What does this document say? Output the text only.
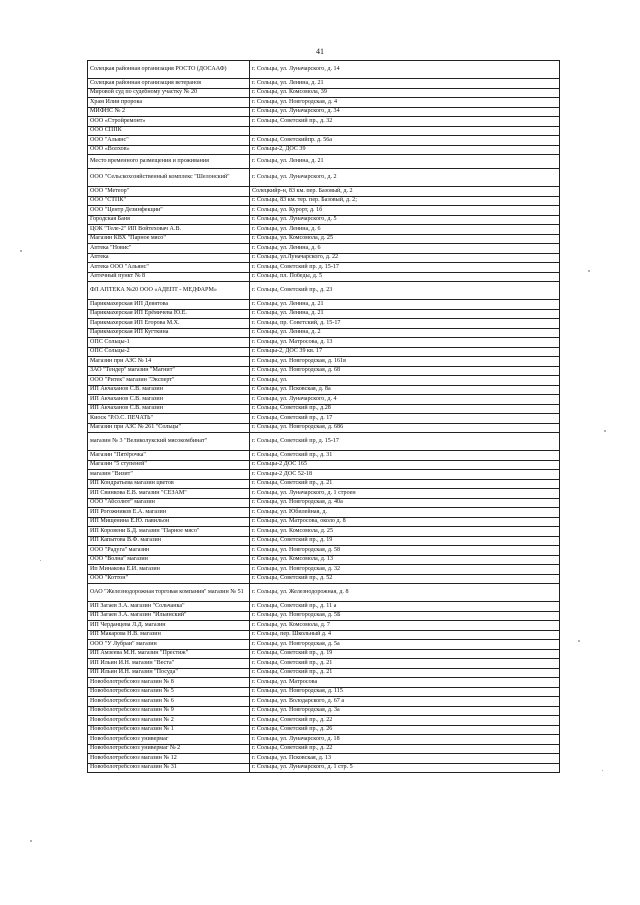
41
Солецкая районная организация РОСТО (ДОСААФ)	г. Сольцы, ул. Луначарского, д. 14
Солецкая районная организация ветеранов	г. Сольцы, ул. Ленина, д. 21
Мировой суд по судебному участку № 20	г. Сольцы, ул. Комсомола, 39
Храм Илии пророка	г. Сольцы, ул. Новгородская, д. 4
МИФНС № 2	г. Сольцы, ул. Луначарского, д. 34
ООО «Стройремонт»	г. Сольцы, Советский пр., д. 32
ООО СППК	
ООО "Альянс"	г. Сольцы, Советскийпр. д. 56а
ООО «Волхов»	г. Сольцы-2, ДОС 39
Место временного размещения и проживания	г. Сольцы, ул. Ленина, д. 21
ООО "Сельскохозяйственный комплекс "Шелонский"	г. Сольцы, ул. Луначарского, д. 2
ООО "Метеор"	Солецкийр-н, 83 км. пер. Базовый, д. 2
ООО "СТПК"	г. Сольцы, 83 км. тер. пер. Базовый, д. 2;
ООО "Центр Дезинфекции"	г. Сольцы, ул. Курорт, д. 1б
Городская Баня	г. Сольцы, ул. Луначарского, д. 5
ЦОК "Теле-2" ИП Войтеховач А.В.	г. Сольцы, ул. Ленина, д. 6
Магазин КВХ "Парное мясо"	г. Сольцы, ул. Комсомола, д. 25
Аптека "Новис"	г. Сольцы, ул. Ленина, д. 6
Аптека	г. Сольцы, ул.Луначарского, д. 22
Аптека ООО "Альянс"	г. Сольцы, Советский пр. д. 15-17
Аптечный пункт № 8	г. Сольцы, пл. Победы, д. 5
ФЛ АПТЕКА №20 ООО «АДЕПТ - МЕДФАРМ»	г. Сольцы, Советский пр., д. 23
Парикмахерская ИП Девятова	г. Сольцы, ул. Ленина, д. 21
Парикмахерская ИП Ерёмичева Ю.Е.	г. Сольцы, ул. Ленина, д. 21
Парикмахерская ИП Егорова М.Х.	г. Сольцы, пр. Советский, д. 15-17
Парикмахерская ИП Кугткина	г. Сольцы, ул. Ленина, д. 2
ОПС Сольцы-1	г. Сольцы, ул. Матросова, д. 13
ОПС Сольцы-2	г. Сольцы-2, ДОС 39 кв. 17
Магазин при АЗС № 14	г. Сольцы, ул. Новгородская, д. 161в
ЗАО "Тендер" магазин "Магнит"	г. Сольцы, ул. Новгородская, д. 68
ООО "Ритек" магазин "Эксперт"	г. Сольцы, ул.
ИП Акчаханов С.В. магазин	г. Сольцы, ул. Псковская, д. 8а
ИП Акчаханов С.В. магазин	г. Сольцы, ул. Луначарского, д. 4
ИП Акчаханов С.В. магазин	г. Сольцы, Советский пр., д.28
Киоск "Р.О.С. ПЕЧАТЬ"	г. Сольцы, Советский пр., д. 17
Магазин при АЗС № 261 "Сольцы"	г. Сольцы, ул. Новгородская, д. 686
магазин № 3 "Великолукский мясокомбинат"	г. Сольцы, Советский пр, д. 15-17
Магазин "Пятёрочка"	г. Сольцы, Советский пр., д. 31
Магазин "5 ступеней"	г. Сольцы-2 ДОС 165
магазин "Визит"	г. Сольцы-2 ДОС 52-18
ИП Кондратьева магазин цветов	г. Сольцы, Советский пр., д. 21
ИП Свинкова Е.В. магазин "СЕЗАМ"	г. Сольцы, ул. Луначарского, д. 1 строен
ООО "Абсолют" магазин	г. Сольцы, ул. Новгородская, д. 40а
ИП Рогожников Е.А. магазин	г. Сольцы, ул. Юбилейная, д.
ИП Мищенина Е.Ю. павильон	г. Сольцы, ул. Матросова, около д. 8
ИП Коровени Б.Д. магазин "Парное мясо"	г. Сольцы, ул. Комсомола, д. 25
ИП Капытова В.Ф. магазин	г. Сольцы, Советский пр., д. 19
ООО "Радуга" магазин	г. Сольцы, ул. Новгородская, д. 58
ООО "Волна" магазин	г. Сольцы, ул. Комсомола, д. 13
Ип Минакова Е.И. магазин	г. Сольцы, ул. Новгородская, д. 32
ООО "Коттон"	г. Сольцы, Советский пр., д. 52
ОАО "Железнодорожная торговая компания" магазин № 51	г. Сольцы, ул. Железнодорожная, д. 8
ИП Загаев З.А. магазин "Сольчанка"	г. Сольцы, Советский пр., д. 11 а
ИП Загаев З.А. магазин "Ильинский"	г. Сольцы, ул. Новгородская, д. 5Б
ИП Черданцева Л.Д. магазин	г. Сольцы, ул. Комсомола, д. 7
ИП Макарова Н.В. магазин	г. Сольцы, пер. Школьный д. 4
ООО "У Лубраи" магазин	г. Сольцы, ул. Новгородская, д. 5а
ИП Амзеева М.Н. магазин "Престиж"	г. Сольцы, Советский пр., д. 19
ИП Ильин И.Н. магазин "Веста"	г. Сольцы, Советский пр., д. 21
ИП Ильин И.Н. магазин "Посуда"	г. Сольцы, Советский пр., д. 21
Новоболотребсоюз магазин № 8	г. Сольцы, ул. Матросова
Новоболотребсоюз магазин № 5	г. Сольцы, ул. Новгородская, д. 115
Новоболотребсоюз магазин № 6	г. Сольцы, ул. Володарского, д. 67 а
Новоболотребсоюз магазин № 9	г. Сольцы, ул. Новгородская, д. 3а
Новоболотребсоюз магазин № 2	г. Сольцы, Советский пр., д. 22
Новоболотребсоюз магазин № 1	г. Сольцы, Советский пр., д. 26
Новоболотребсоюз универмаг	г. Сольцы, ул. Луначарского, д. 18
Новоболотребсоюз универмаг № 2	г. Сольцы, Советский пр., д. 22
Новоболотребсоюз магазин № 12	г. Сольцы, ул. Псковская, д. 13
Новоболотребсоюз магазин № 31	г. Сольцы, ул. Луначарского, д. 1 стр. 5
